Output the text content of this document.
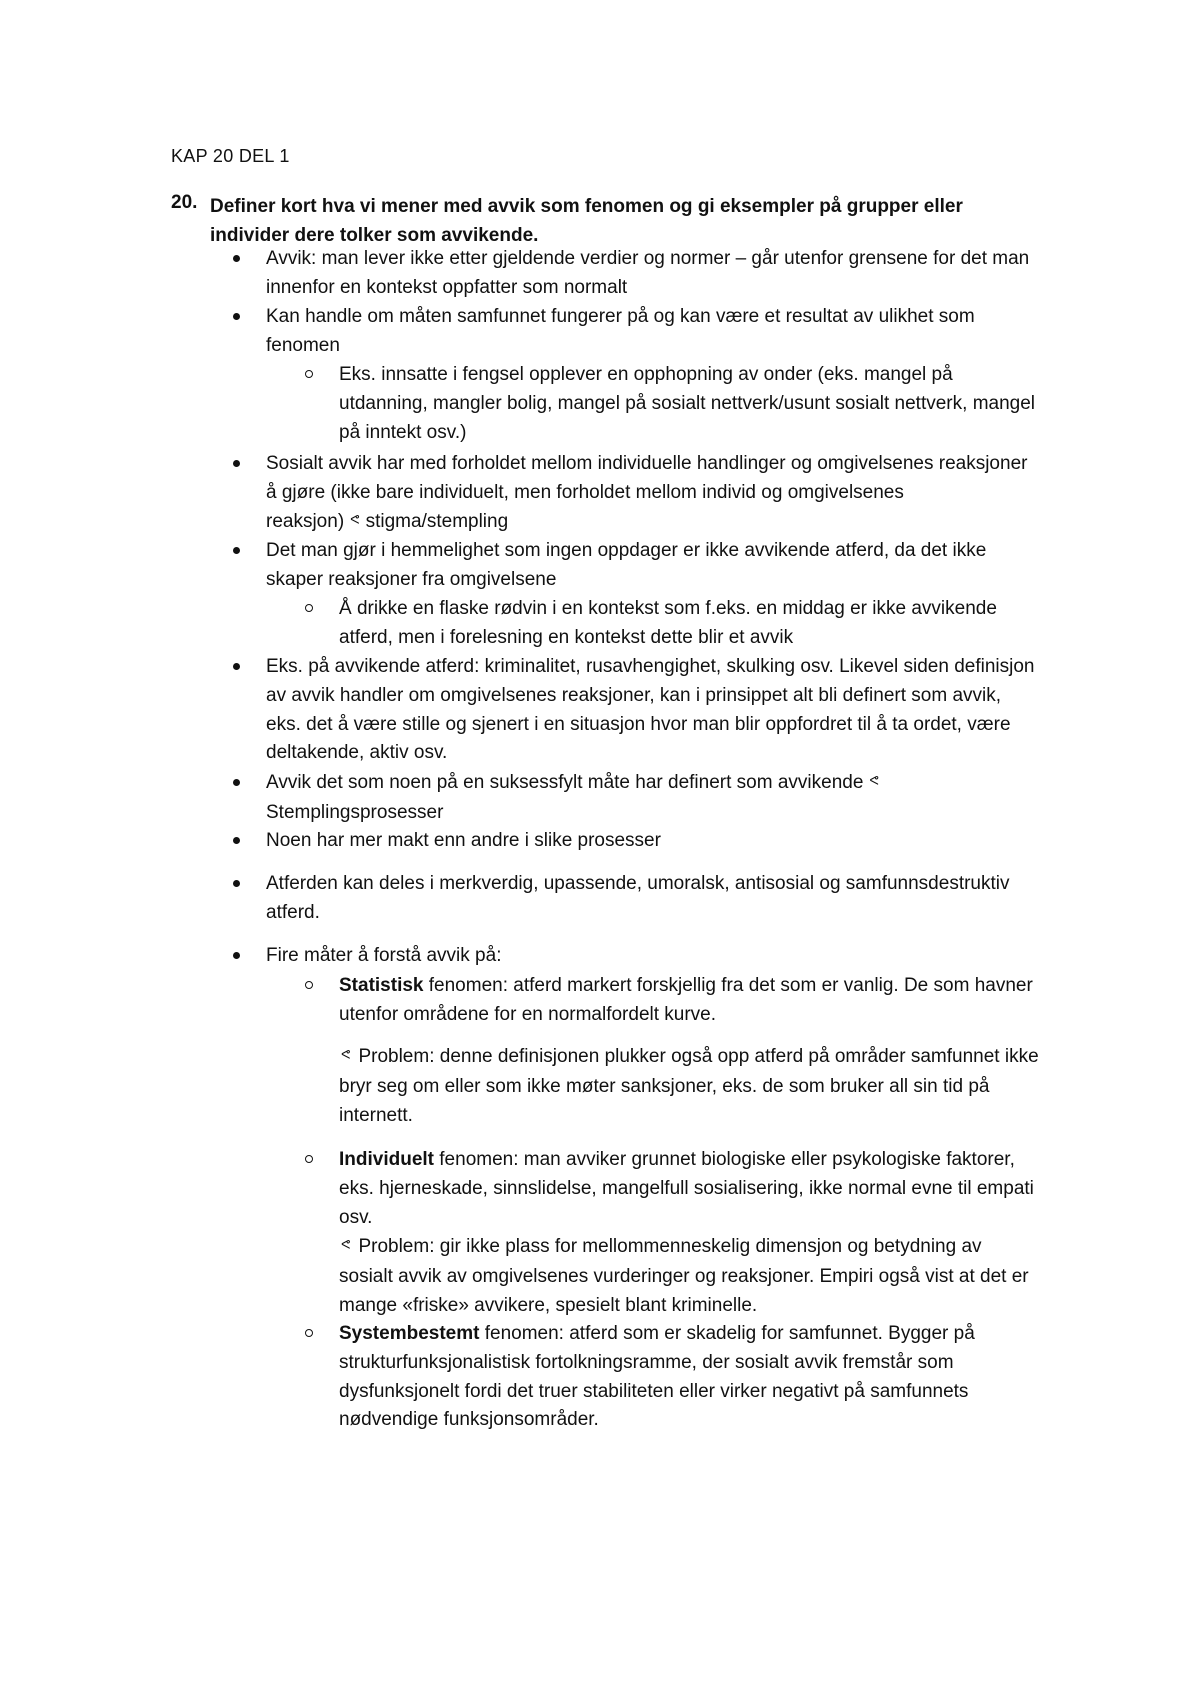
KAP 20 DEL 1
20. Definer kort hva vi mener med avvik som fenomen og gi eksempler på grupper eller individer dere tolker som avvikende.
Avvik: man lever ikke etter gjeldende verdier og normer – går utenfor grensene for det man innenfor en kontekst oppfatter som normalt
Kan handle om måten samfunnet fungerer på og kan være et resultat av ulikhet som fenomen
Eks. innsatte i fengsel opplever en opphopning av onder (eks. mangel på utdanning, mangler bolig, mangel på sosialt nettverk/usunt sosialt nettverk, mangel på inntekt osv.)
Sosialt avvik har med forholdet mellom individuelle handlinger og omgivelsenes reaksjoner å gjøre (ikke bare individuelt, men forholdet mellom individ og omgivelsenes reaksjon) ᕙ stigma/stempling
Det man gjør i hemmelighet som ingen oppdager er ikke avvikende atferd, da det ikke skaper reaksjoner fra omgivelsene
Å drikke en flaske rødvin i en kontekst som f.eks. en middag er ikke avvikende atferd, men i forelesning en kontekst dette blir et avvik
Eks. på avvikende atferd: kriminalitet, rusavhengighet, skulking osv. Likevel siden definisjon av avvik handler om omgivelsenes reaksjoner, kan i prinsippet alt bli definert som avvik, eks. det å være stille og sjenert i en situasjon hvor man blir oppfordret til å ta ordet, være deltakende, aktiv osv.
Avvik det som noen på en suksessfylt måte har definert som avvikende ᕙ
Stemplingsprosesser
Noen har mer makt enn andre i slike prosesser
Atferden kan deles i merkverdig, upassende, umoralsk, antisosial og samfunnsdestruktiv atferd.
Fire måter å forstå avvik på:
Statistisk fenomen: atferd markert forskjellig fra det som er vanlig. De som havner utenfor områdene for en normalfordelt kurve.
ᕙ Problem: denne definisjonen plukker også opp atferd på områder samfunnet ikke bryr seg om eller som ikke møter sanksjoner, eks. de som bruker all sin tid på internett.
Individuelt fenomen: man avviker grunnet biologiske eller psykologiske faktorer, eks. hjerneskade, sinnslidelse, mangelfull sosialisering, ikke normal evne til empati osv.
ᕙ Problem: gir ikke plass for mellommenneskelig dimensjon og betydning av sosialt avvik av omgivelsenes vurderinger og reaksjoner. Empiri også vist at det er mange «friske» avvikere, spesielt blant kriminelle.
Systembestemt fenomen: atferd som er skadelig for samfunnet. Bygger på strukturfunksjonalistisk fortolkningsramme, der sosialt avvik fremstår som dysfunksjonelt fordi det truer stabiliteten eller virker negativt på samfunnets nødvendige funksjonsområder.
